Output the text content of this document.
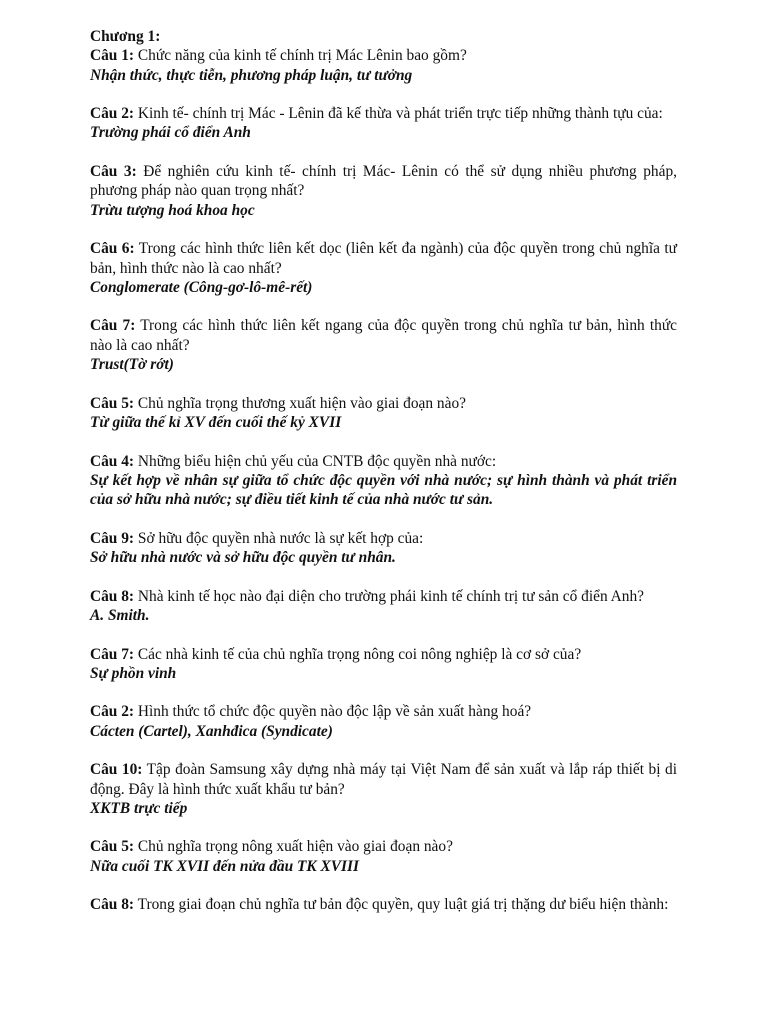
Chương 1:

Câu 1: Chức năng của kinh tế chính trị Mác Lênin bao gồm?

Nhận thức, thực tiễn, phương pháp luận, tư tưởng

Câu 2: Kinh tế- chính trị Mác - Lênin đã kế thừa và phát triển trực tiếp những thành tựu của:

Trường phái cổ điển Anh

Câu 3: Để nghiên cứu kinh tế- chính trị Mác- Lênin có thể sử dụng nhiều phương pháp, phương pháp nào quan trọng nhất?

Trừu tượng hoá khoa học

Câu 6: Trong các hình thức liên kết dọc (liên kết đa ngành) của độc quyền trong chủ nghĩa tư bản, hình thức nào là cao nhất?

Conglomerate (Công-gơ-lô-mê-rết)

Câu 7: Trong các hình thức liên kết ngang của độc quyền trong chủ nghĩa tư bản, hình thức nào là cao nhất?

Trust(Tờ rớt)

Câu 5: Chủ nghĩa trọng thương xuất hiện vào giai đoạn nào?

Từ giữa thế kỉ XV đến cuối thế kỷ XVII

Câu 4: Những biểu hiện chủ yếu của CNTB độc quyền nhà nước:

Sự kết hợp về nhân sự giữa tổ chức độc quyền với nhà nước; sự hình thành và phát triển của sở hữu nhà nước; sự điều tiết kinh tế của nhà nước tư sản.

Câu 9: Sở hữu độc quyền nhà nước là sự kết hợp của:

Sở hữu nhà nước và sở hữu độc quyền tư nhân.

Câu 8: Nhà kinh tế học nào đại diện cho trường phái kinh tế chính trị tư sản cổ điển Anh?

A. Smith.

Câu 7: Các nhà kinh tế của chủ nghĩa trọng nông coi nông nghiệp là cơ sở của?

Sự phồn vinh

Câu 2: Hình thức tổ chức độc quyền nào độc lập về sản xuất hàng hoá?

Cácten (Cartel), Xanhđica (Syndicate)

Câu 10: Tập đoàn Samsung xây dựng nhà máy tại Việt Nam để sản xuất và lắp ráp thiết bị di động. Đây là hình thức xuất khẩu tư bản?

XKTB trực tiếp

Câu 5: Chủ nghĩa trọng nông xuất hiện vào giai đoạn nào?

Nữa cuối TK XVII đến nửa đầu TK XVIII

Câu 8: Trong giai đoạn chủ nghĩa tư bản độc quyền, quy luật giá trị thặng dư biểu hiện thành:
